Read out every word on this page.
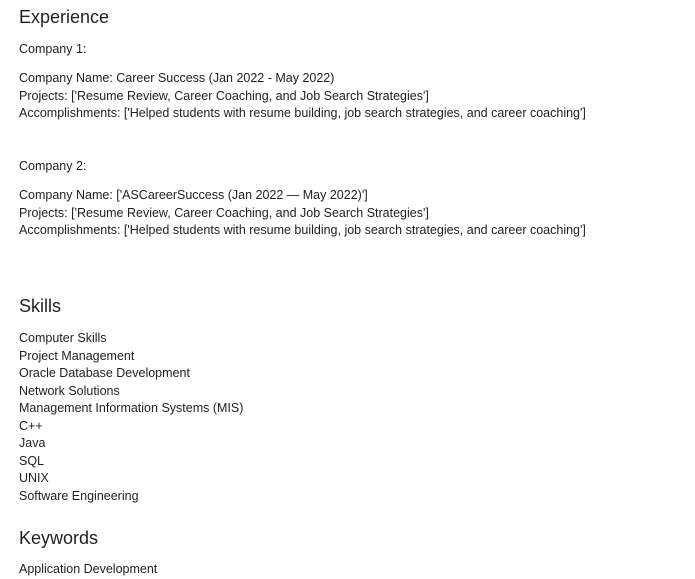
Experience
Company 1:
Company Name: Career Success (Jan 2022 - May 2022)
Projects: ['Resume Review, Career Coaching, and Job Search Strategies']
Accomplishments: ['Helped students with resume building, job search strategies, and career coaching']
Company 2:
Company Name: ['ASCareerSuccess (Jan 2022 — May 2022)']
Projects: ['Resume Review, Career Coaching, and Job Search Strategies']
Accomplishments: ['Helped students with resume building, job search strategies, and career coaching']
Skills
Computer Skills
Project Management
Oracle Database Development
Network Solutions
Management Information Systems (MIS)
C++
Java
SQL
UNIX
Software Engineering
Keywords
Application Development
